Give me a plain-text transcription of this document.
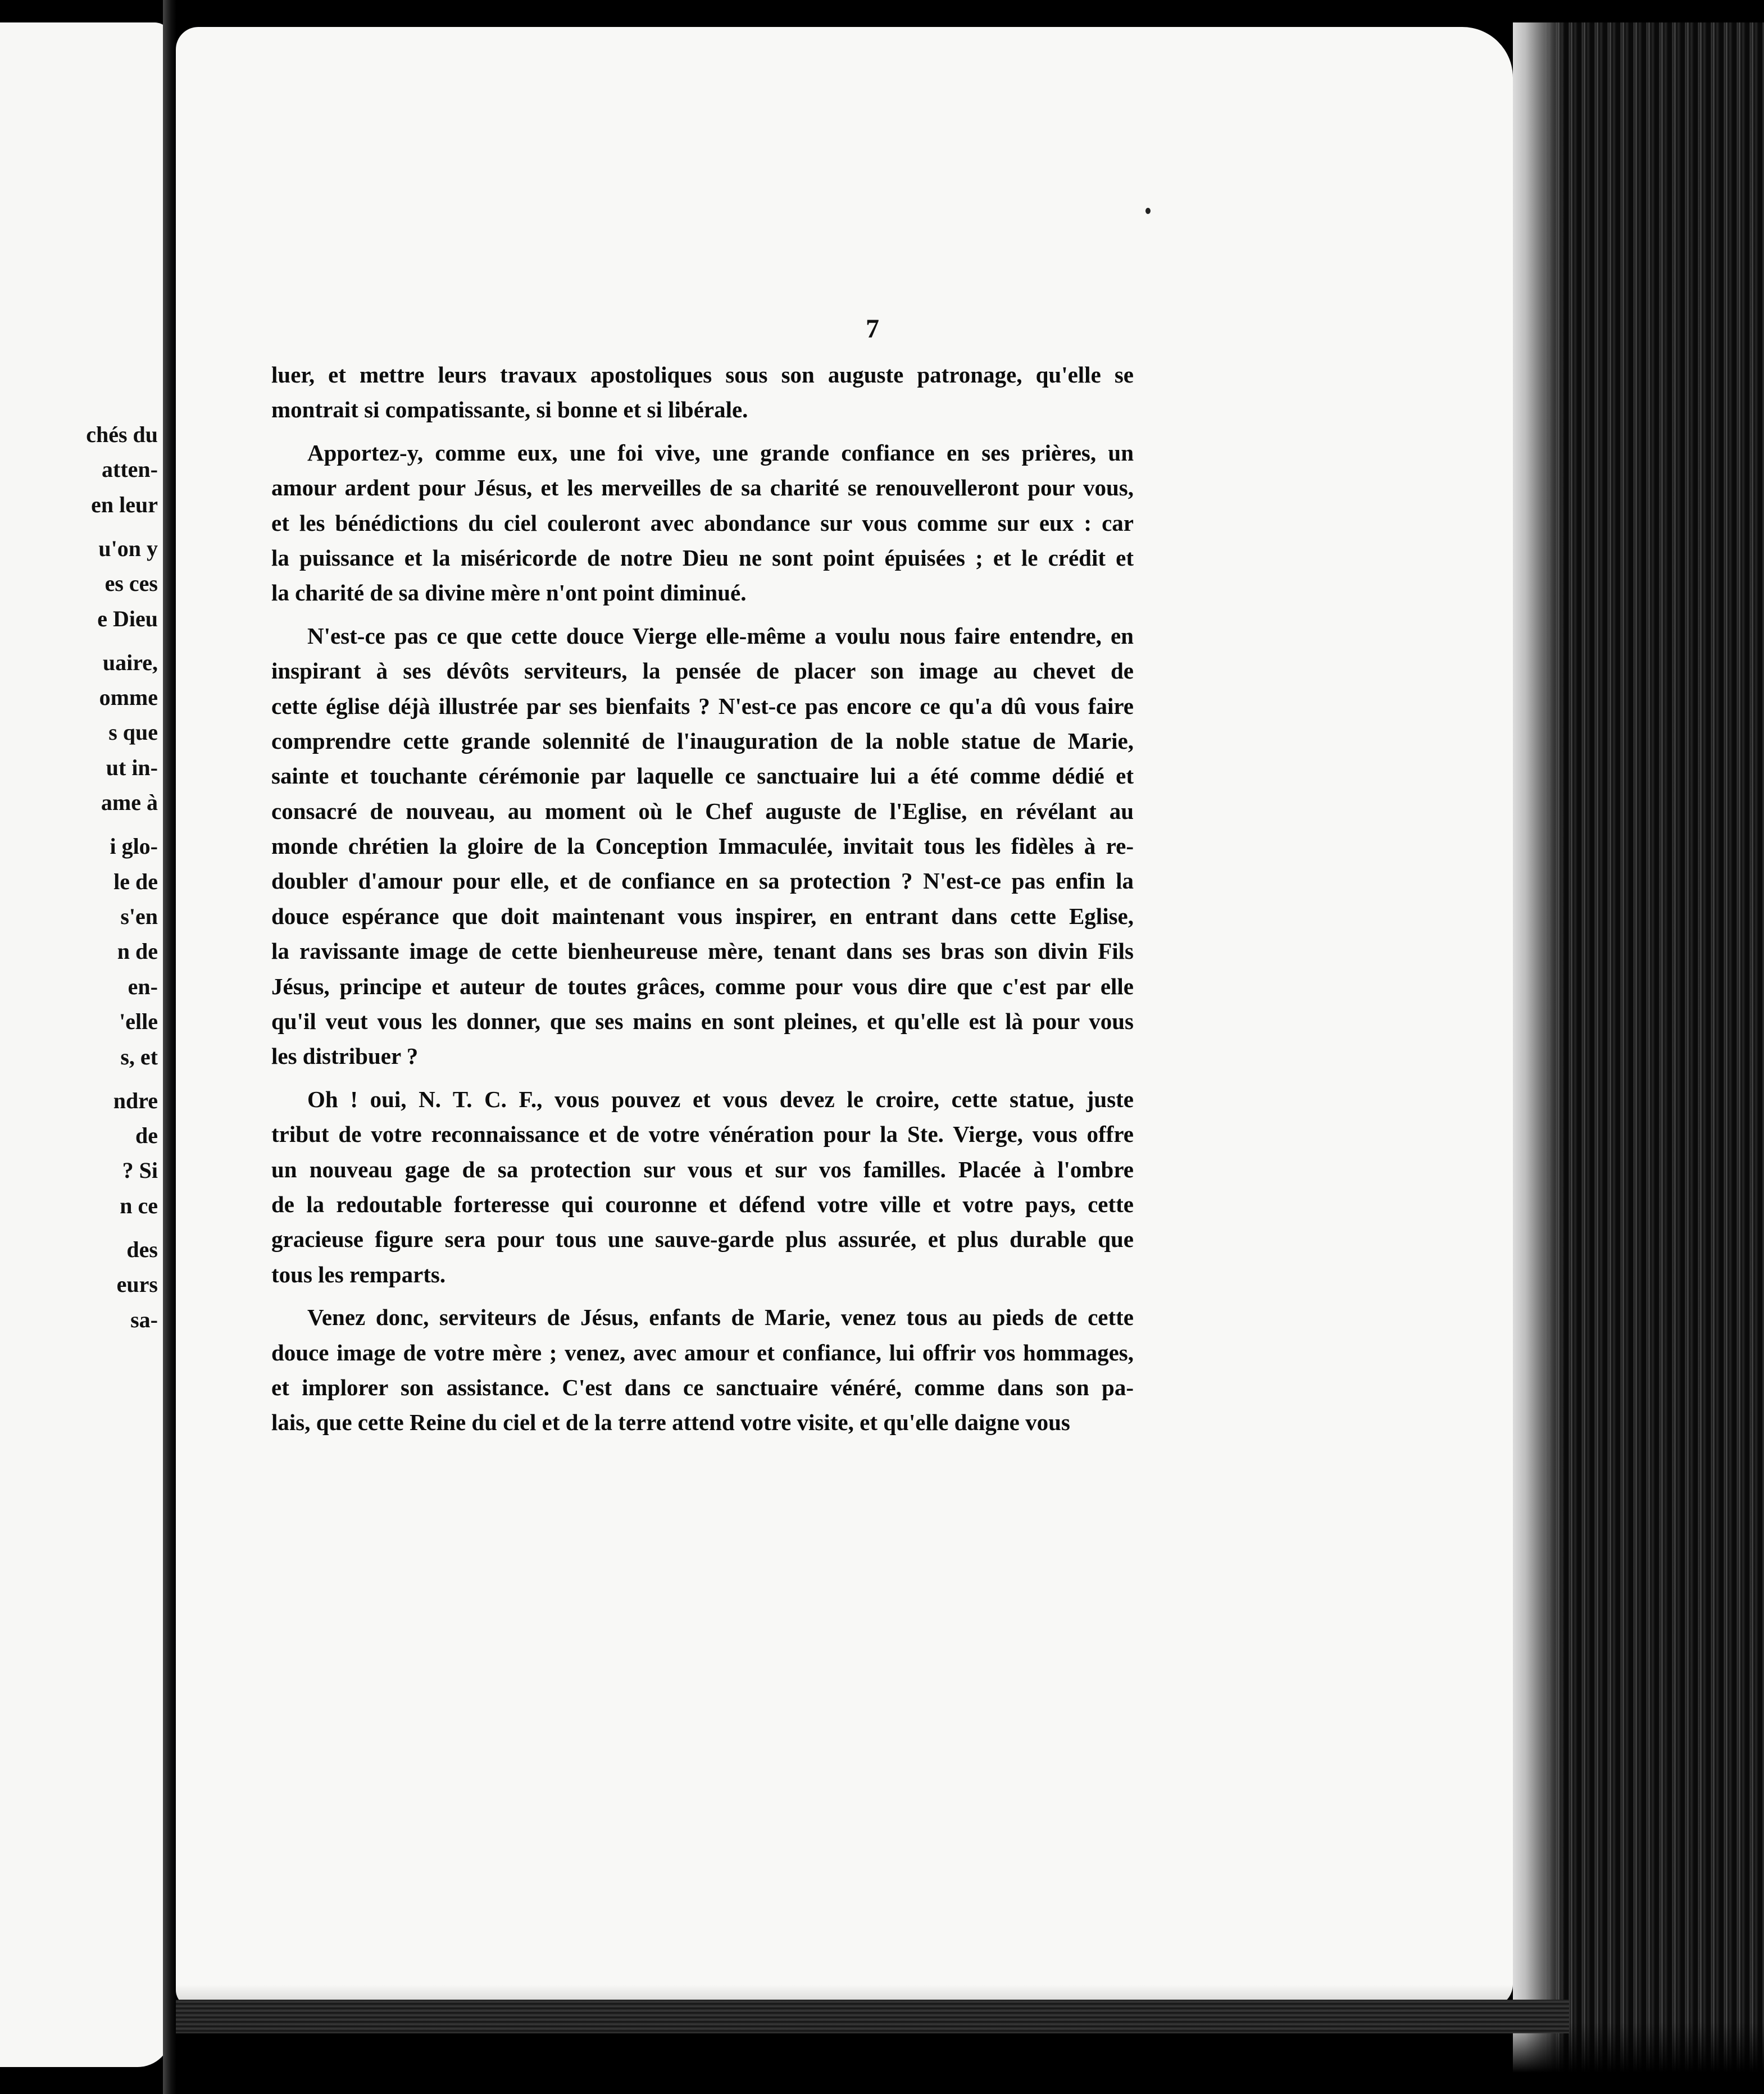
chés du
atten-
en leur
u'on y
es ces
e Dieu
uaire,
omme
s que
ut in-
ame à
i glo-
le de
s'en
n de
en-
'elle
s, et
ndre
de
? Si
n ce
des
eurs
sa-
7
luer, et mettre leurs travaux apostoliques sous son auguste patronage, qu'elle se
montrait si compatissante, si bonne et si libérale.
Apportez-y, comme eux, une foi vive, une grande confiance en ses prières, un
amour ardent pour Jésus, et les merveilles de sa charité se renouvelleront pour vous,
et les bénédictions du ciel couleront avec abondance sur vous comme sur eux : car
la puissance et la miséricorde de notre Dieu ne sont point épuisées ; et le crédit et
la charité de sa divine mère n'ont point diminué.
N'est-ce pas ce que cette douce Vierge elle-même a voulu nous faire entendre, en
inspirant à ses dévôts serviteurs, la pensée de placer son image au chevet de
cette église déjà illustrée par ses bienfaits ? N'est-ce pas encore ce qu'a dû vous faire
comprendre cette grande solennité de l'inauguration de la noble statue de Marie,
sainte et touchante cérémonie par laquelle ce sanctuaire lui a été comme dédié et
consacré de nouveau, au moment où le Chef auguste de l'Eglise, en révélant au
monde chrétien la gloire de la Conception Immaculée, invitait tous les fidèles à re-
doubler d'amour pour elle, et de confiance en sa protection ? N'est-ce pas enfin la
douce espérance que doit maintenant vous inspirer, en entrant dans cette Eglise,
la ravissante image de cette bienheureuse mère, tenant dans ses bras son divin Fils
Jésus, principe et auteur de toutes grâces, comme pour vous dire que c'est par elle
qu'il veut vous les donner, que ses mains en sont pleines, et qu'elle est là pour vous
les distribuer ?
Oh ! oui, N. T. C. F., vous pouvez et vous devez le croire, cette statue, juste
tribut de votre reconnaissance et de votre vénération pour la Ste. Vierge, vous offre
un nouveau gage de sa protection sur vous et sur vos familles. Placée à l'ombre
de la redoutable forteresse qui couronne et défend votre ville et votre pays, cette
gracieuse figure sera pour tous une sauve-garde plus assurée, et plus durable que
tous les remparts.
Venez donc, serviteurs de Jésus, enfants de Marie, venez tous au pieds de cette
douce image de votre mère ; venez, avec amour et confiance, lui offrir vos hommages,
et implorer son assistance. C'est dans ce sanctuaire vénéré, comme dans son pa-
lais, que cette Reine du ciel et de la terre attend votre visite, et qu'elle daigne vous
